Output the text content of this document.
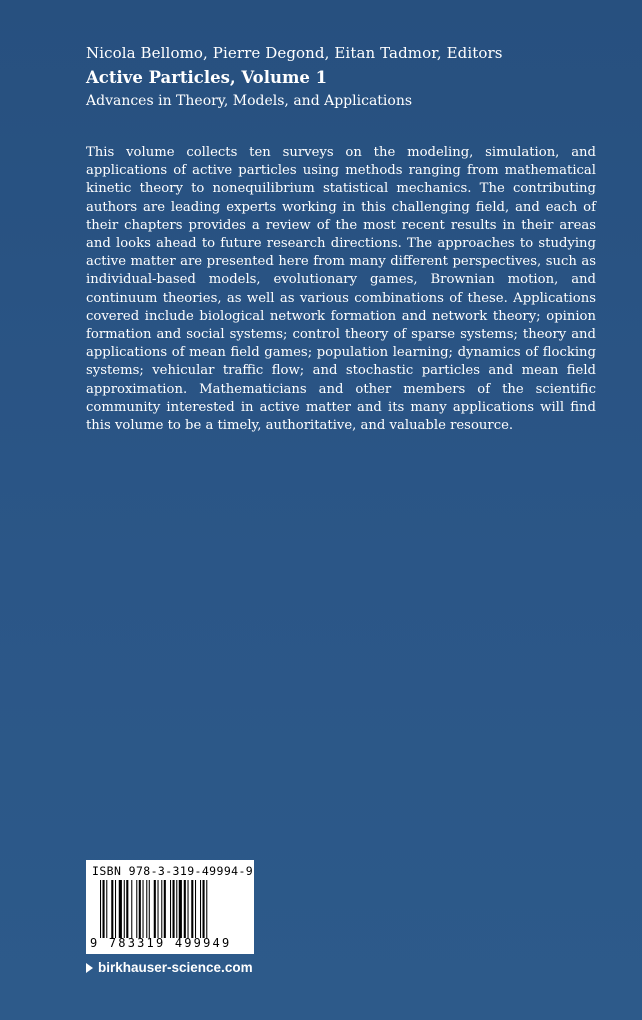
Nicola Bellomo, Pierre Degond, Eitan Tadmor, Editors
Active Particles, Volume 1
Advances in Theory, Models, and Applications
This volume collects ten surveys on the modeling, simulation, and applications of active particles using methods ranging from mathematical kinetic theory to nonequilibrium statistical mechanics. The contributing authors are leading experts working in this challenging field, and each of their chapters provides a review of the most recent results in their areas and looks ahead to future research directions. The approaches to studying active matter are presented here from many different perspectives, such as individual-based models, evolutionary games, Brownian motion, and continuum theories, as well as various combinations of these. Applications covered include biological network formation and network theory; opinion formation and social systems; control theory of sparse systems; theory and applications of mean field games; population learning; dynamics of flocking systems; vehicular traffic flow; and stochastic particles and mean field approximation. Mathematicians and other members of the scientific community interested in active matter and its many applications will find this volume to be a timely, authoritative, and valuable resource.
ISBN 978-3-319-49994-9
9 783319 499949
birkhauser-science.com
